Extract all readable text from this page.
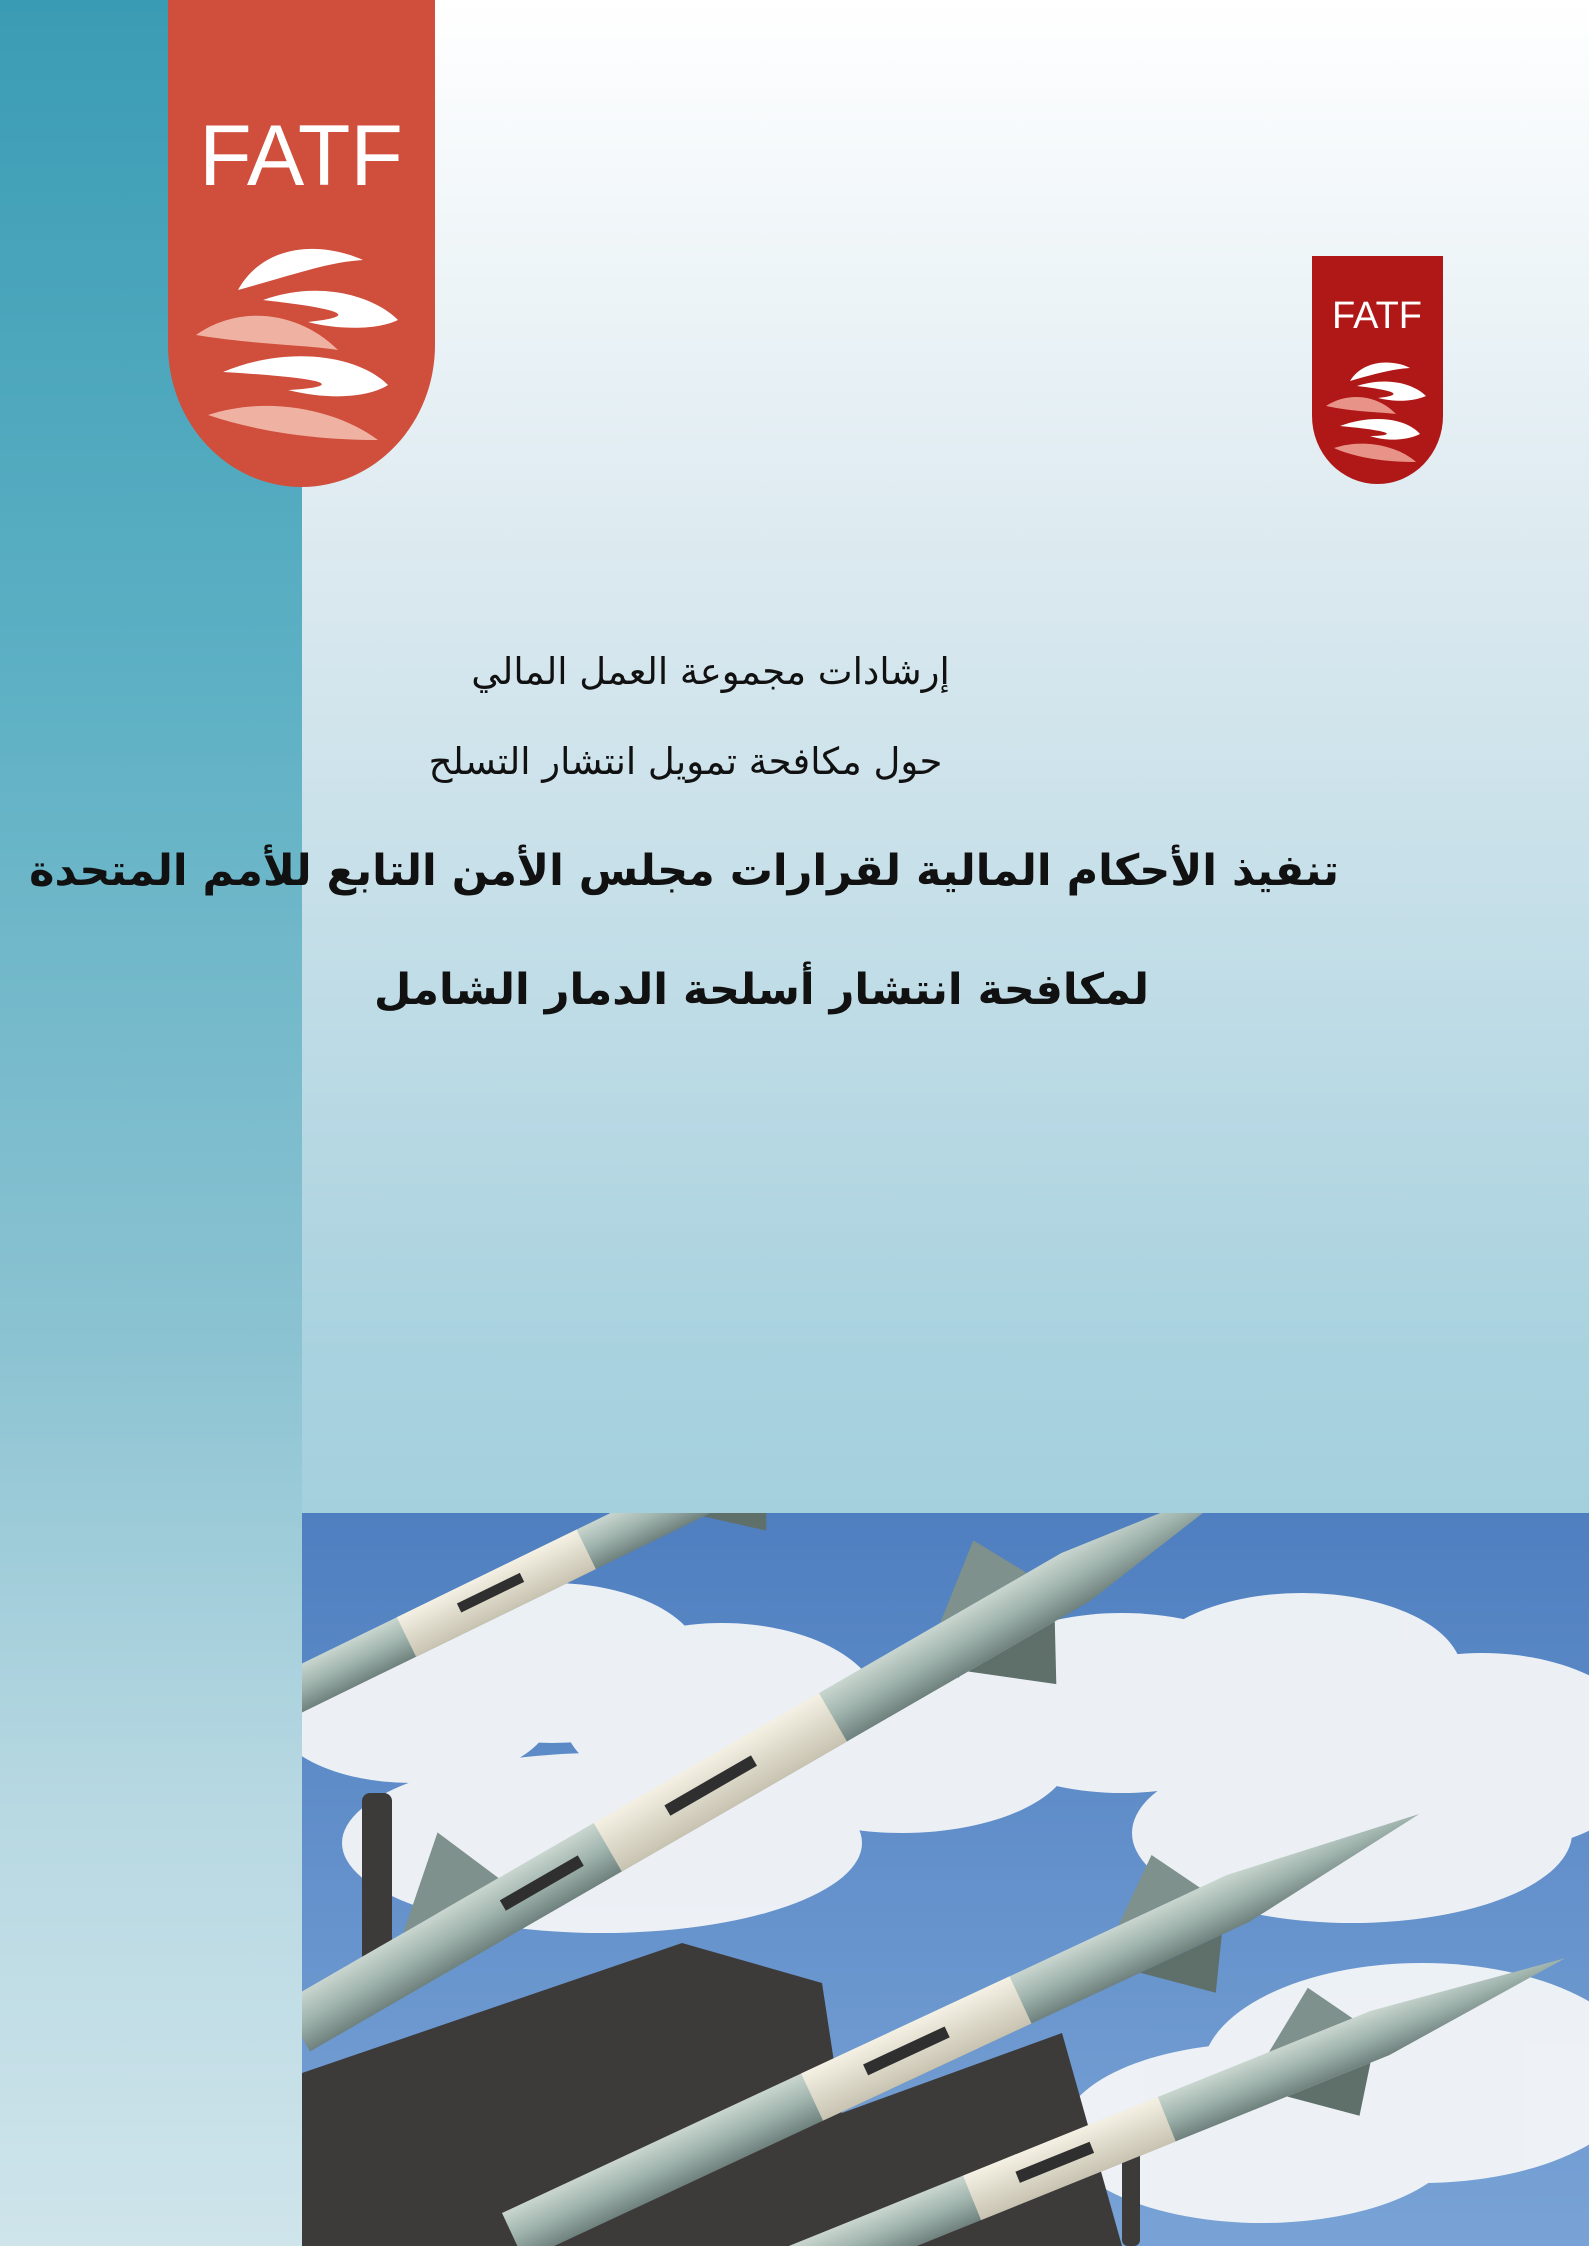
FATF
FATF
إرشادات مجموعة العمل المالي
حول مكافحة تمويل انتشار التسلح
تنفيذ الأحكام المالية لقرارات مجلس الأمن التابع للأمم المتحدة
لمكافحة انتشار أسلحة الدمار الشامل
